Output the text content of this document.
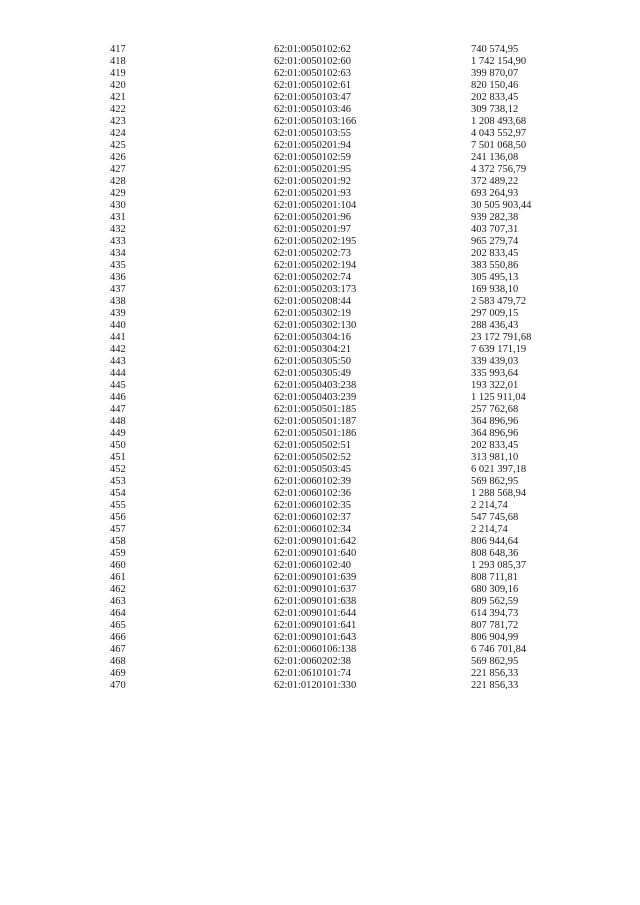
417	62:01:0050102:62	740 574,95
418	62:01:0050102:60	1 742 154,90
419	62:01:0050102:63	399 870,07
420	62:01:0050102:61	820 150,46
421	62:01:0050103:47	202 833,45
422	62:01:0050103:46	309 738,12
423	62:01:0050103:166	1 208 493,68
424	62:01:0050103:55	4 043 552,97
425	62:01:0050201:94	7 501 068,50
426	62:01:0050102:59	241 136,08
427	62:01:0050201:95	4 372 756,79
428	62:01:0050201:92	372 489,22
429	62:01:0050201:93	693 264,93
430	62:01:0050201:104	30 505 903,44
431	62:01:0050201:96	939 282,38
432	62:01:0050201:97	403 707,31
433	62:01:0050202:195	965 279,74
434	62:01:0050202:73	202 833,45
435	62:01:0050202:194	383 550,86
436	62:01:0050202:74	305 495,13
437	62:01:0050203:173	169 938,10
438	62:01:0050208:44	2 583 479,72
439	62:01:0050302:19	297 009,15
440	62:01:0050302:130	288 436,43
441	62:01:0050304:16	23 172 791,68
442	62:01:0050304:21	7 639 171,19
443	62:01:0050305:50	339 439,03
444	62:01:0050305:49	335 993,64
445	62:01:0050403:238	193 322,01
446	62:01:0050403:239	1 125 911,04
447	62:01:0050501:185	257 762,68
448	62:01:0050501:187	364 896,96
449	62:01:0050501:186	364 896,96
450	62:01:0050502:51	202 833,45
451	62:01:0050502:52	313 981,10
452	62:01:0050503:45	6 021 397,18
453	62:01:0060102:39	569 862,95
454	62:01:0060102:36	1 288 568,94
455	62:01:0060102:35	2 214,74
456	62:01:0060102:37	547 745,68
457	62:01:0060102:34	2 214,74
458	62:01:0090101:642	806 944,64
459	62:01:0090101:640	808 648,36
460	62:01:0060102:40	1 293 085,37
461	62:01:0090101:639	808 711,81
462	62:01:0090101:637	680 309,16
463	62:01:0090101:638	809 562,59
464	62:01:0090101:644	614 394,73
465	62:01:0090101:641	807 781,72
466	62:01:0090101:643	806 904,99
467	62:01:0060106:138	6 746 701,84
468	62:01:0060202:38	569 862,95
469	62:01:0610101:74	221 856,33
470	62:01:0120101:330	221 856,33
